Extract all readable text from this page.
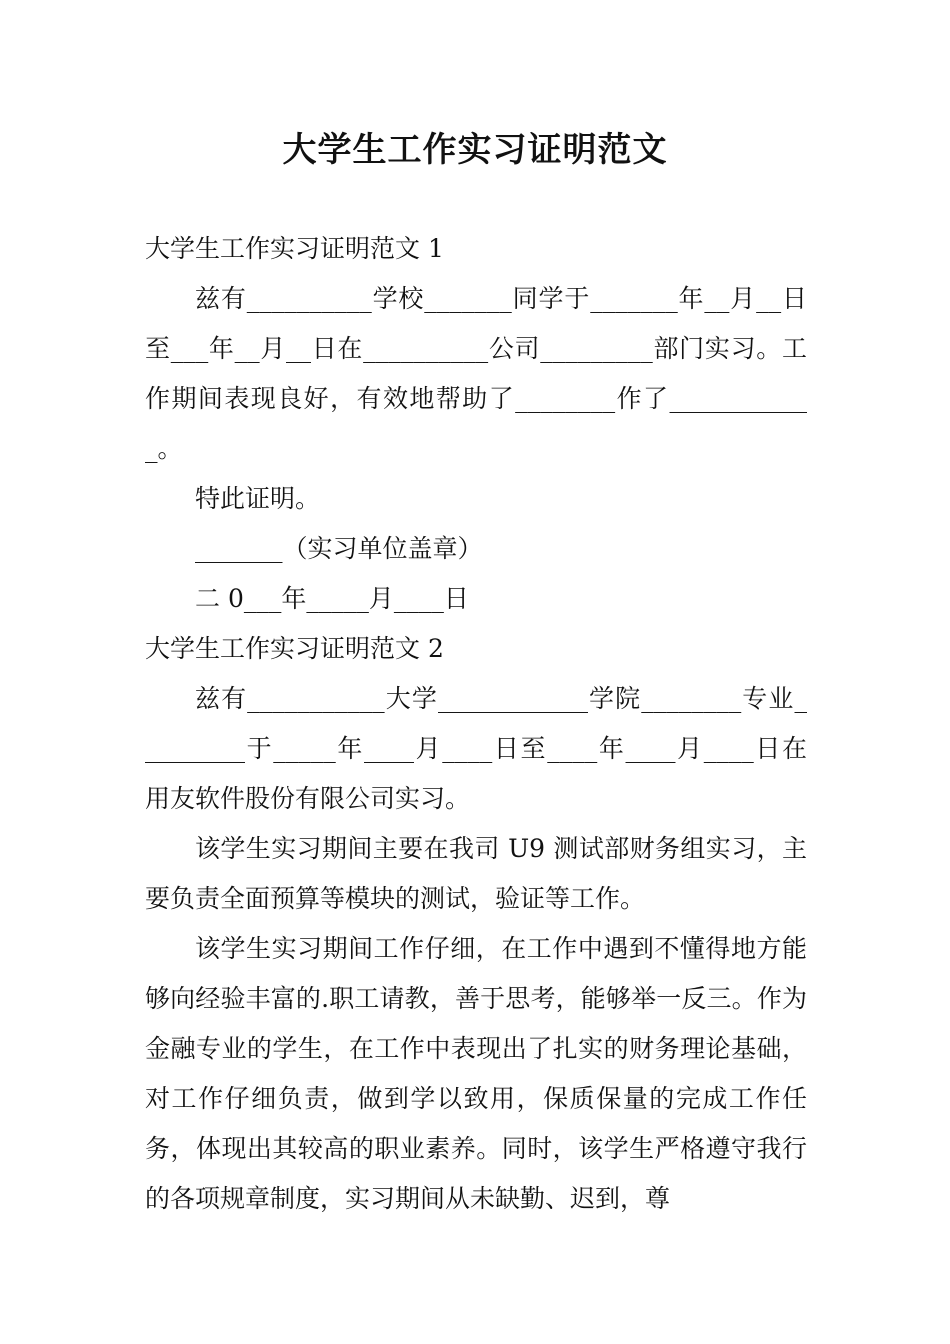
大学生工作实习证明范文

大学生工作实习证明范文 1

兹有__________学校_______同学于_______年__月__日至___年__月__日在__________公司_________部门实习。工作期间表现良好，有效地帮助了________作了____________。

特此证明。

_______（实习单位盖章）

二 0___年_____月____日

大学生工作实习证明范文 2

兹有___________大学____________学院________专业_________于_____年____月____日至____年____月____日在用友软件股份有限公司实习。

该学生实习期间主要在我司 U9 测试部财务组实习，主要负责全面预算等模块的测试，验证等工作。

该学生实习期间工作仔细，在工作中遇到不懂得地方能够向经验丰富的.职工请教，善于思考，能够举一反三。作为金融专业的学生，在工作中表现出了扎实的财务理论基础，对工作仔细负责，做到学以致用，保质保量的完成工作任务，体现出其较高的职业素养。同时，该学生严格遵守我行的各项规章制度，实习期间从未缺勤、迟到，尊
